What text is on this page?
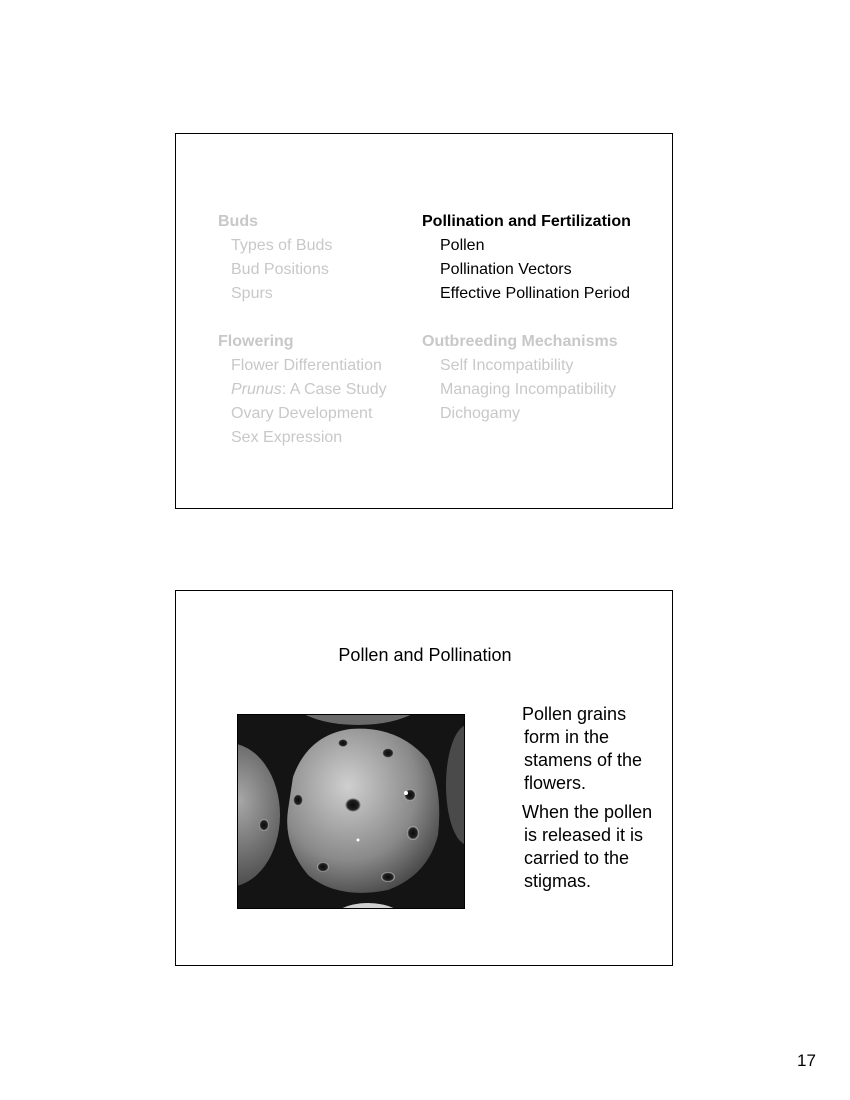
Buds
Types of Buds
Bud Positions
Spurs
Flowering
Flower Differentiation
Prunus: A Case Study
Ovary Development
Sex Expression
Pollination and Fertilization
Pollen
Pollination Vectors
Effective Pollination Period
Outbreeding Mechanisms
Self Incompatibility
Managing Incompatibility
Dichogamy
Pollen and Pollination
Pollen grains form in the stamens of the flowers.
When the pollen is released it is carried to the stigmas.
17
